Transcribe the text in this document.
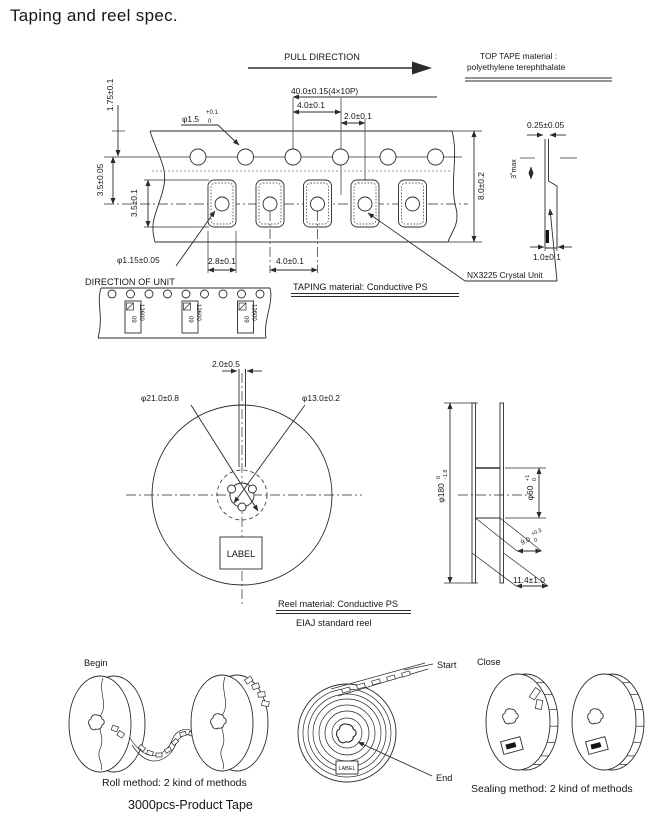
Taping and reel spec.
PULL DIRECTION
40.0±0.15(4×10P)
4.0±0.1
2.0±0.1
φ1.5
+0.1
0
1.75±0.1
3.5±0.05
3.5±0.1
φ1.15±0.05	2.8±0.1	4.0±0.1
8.0±0.2
TOP TAPE material :
polyethylene terephthalate
0.25±0.05
3˚max
1.0±0.1
NX3225 Crystal Unit
DIRECTION OF UNIT
12600
09	12600
09	12600
09
TAPING material: Conductive PS
2.0±0.5
φ21.0±0.8	φ13.0±0.2
LABEL
φ180
0 -1.8
φ60
+1 0
9.0
+0.3
0
11.4±1.0
Reel material: Conductive PS
EIAJ standard reel
Begin
Roll method: 2 kind of methods
3000pcs-Product Tape
Start
LABEL
End
Close
Sealing method: 2 kind of methods
